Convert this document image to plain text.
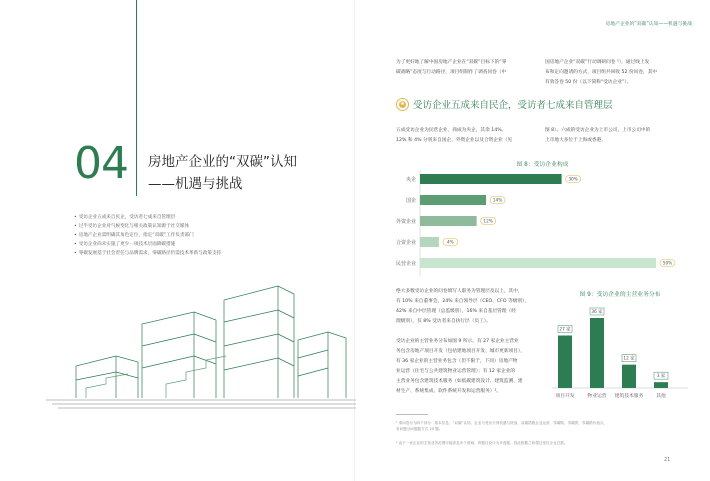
04 房地产企业的“双碳”认知
——机遇与挑战
• 受访企业五成来自民企，受访者七成来自管理层
• 过半受访企业对气候变化与相关政策认知源于社交媒体
• 房地产企业需明确其角色定位，指定“双碳”工作负责部门
• 受访企业尚未实施了更少一项技术层面降碳措施
• 零碳发展基于社会责任与品牌需求，零碳路径仍需技术革新与政策支持
房地产企业的“双碳”认知——机遇与挑战
为了更好地了解中国房地产企业在“双碳”目标下的“零
碳战略”态度与行动路径，项目组制作了调查问卷（中
国房地产企业“双碳”行动调研问卷 ¹），通过线上发
布和定向邀请的方式，项目组共回收 52 份问卷，其中
有效答卷 50 份（以下简称“受访企业”）。
❀ 受访企业五成来自民企，受访者七成来自管理层
五成受访企业为民营企业，商成为央企，其余 14%、
12% 和 4% 分别来自国企、外资企业以及合资企业（见
图 8）。六成的受访企业为上市公司，上市公司中的
上市地大多位于上海或香港。
图 8：受访企业构成
央企	30%
国企	14%
外资企业	12%
合资企业	4%
民营企业	50%
绝大多数受访企业的问卷填写人职务为管理层及以上，其中，
有 10% 来自董事会，24% 来自领导层（CEO、CFO 等级别），
42% 来自中层管理（总监级别），16% 来自基层管理（经
理级别），仅 8% 受访者来自执行层（员工）。
受访企业的主营业务分布如图 9 所示。有 27 家企业主营业
务包含房地产项目开发（包括建地项目开发、城市更新项目），
有 36 家企业的主营业务包含（但不限于，下同）房地产物
业运营（住宅与公共建筑物业运营管理）；有 12 家企业的
主营业务包含建筑技术服务（如低碳建筑设计、建筑监测、建
材生产、系统集成、软件系统开发和运营服务）²。
图 9：受访企业的主营业务分布
27 家
项目开发
36 家
物业运营
12 家
建筑技术服务
3 家
其他
¹ 请问卷分为四个部分：基本信息、“双碳”认知、企业与受访分别机遇与挑战、双碳措施企业运营、零碳路、零碳资、零碳路价值点、
有问题分问题题方式 25 题。
² 由于一家企业的主营业务范围可能涉及多个领域，该题目设计为多选题，因此数据之和超过受访企业总数。
21
